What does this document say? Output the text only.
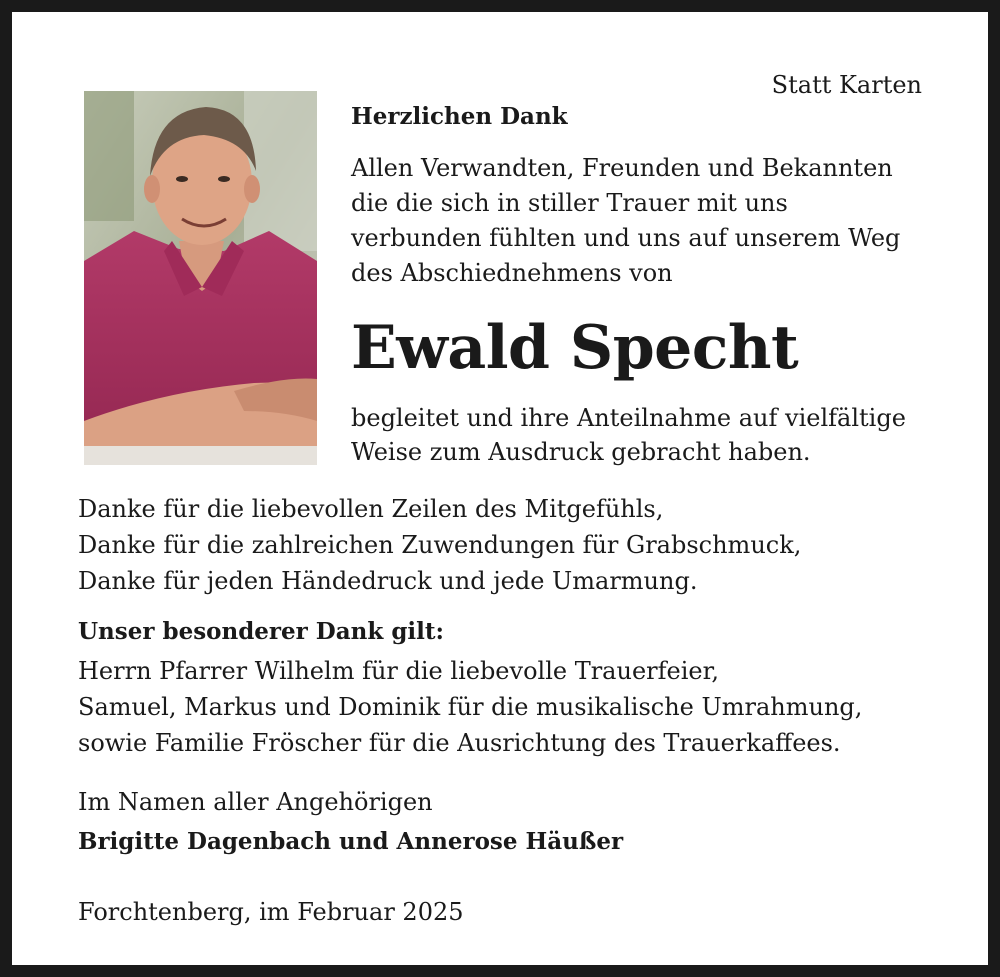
Statt Karten
Herzlichen Dank
Allen Verwandten, Freunden und Bekannten
die die sich in stiller Trauer mit uns
verbunden fühlten und uns auf unserem Weg
des Abschiednehmens von
Ewald Specht
begleitet und ihre Anteilnahme auf vielfältige
Weise zum Ausdruck gebracht haben.
Danke für die liebevollen Zeilen des Mitgefühls,
Danke für die zahlreichen Zuwendungen für Grabschmuck,
Danke für jeden Händedruck und jede Umarmung.
Unser besonderer Dank gilt:
Herrn Pfarrer Wilhelm für die liebevolle Trauerfeier,
Samuel, Markus und Dominik für die musikalische Umrahmung,
sowie Familie Fröscher für die Ausrichtung des Trauerkaffees.
Im Namen aller Angehörigen
Brigitte Dagenbach und Annerose Häußer
Forchtenberg, im Februar 2025
